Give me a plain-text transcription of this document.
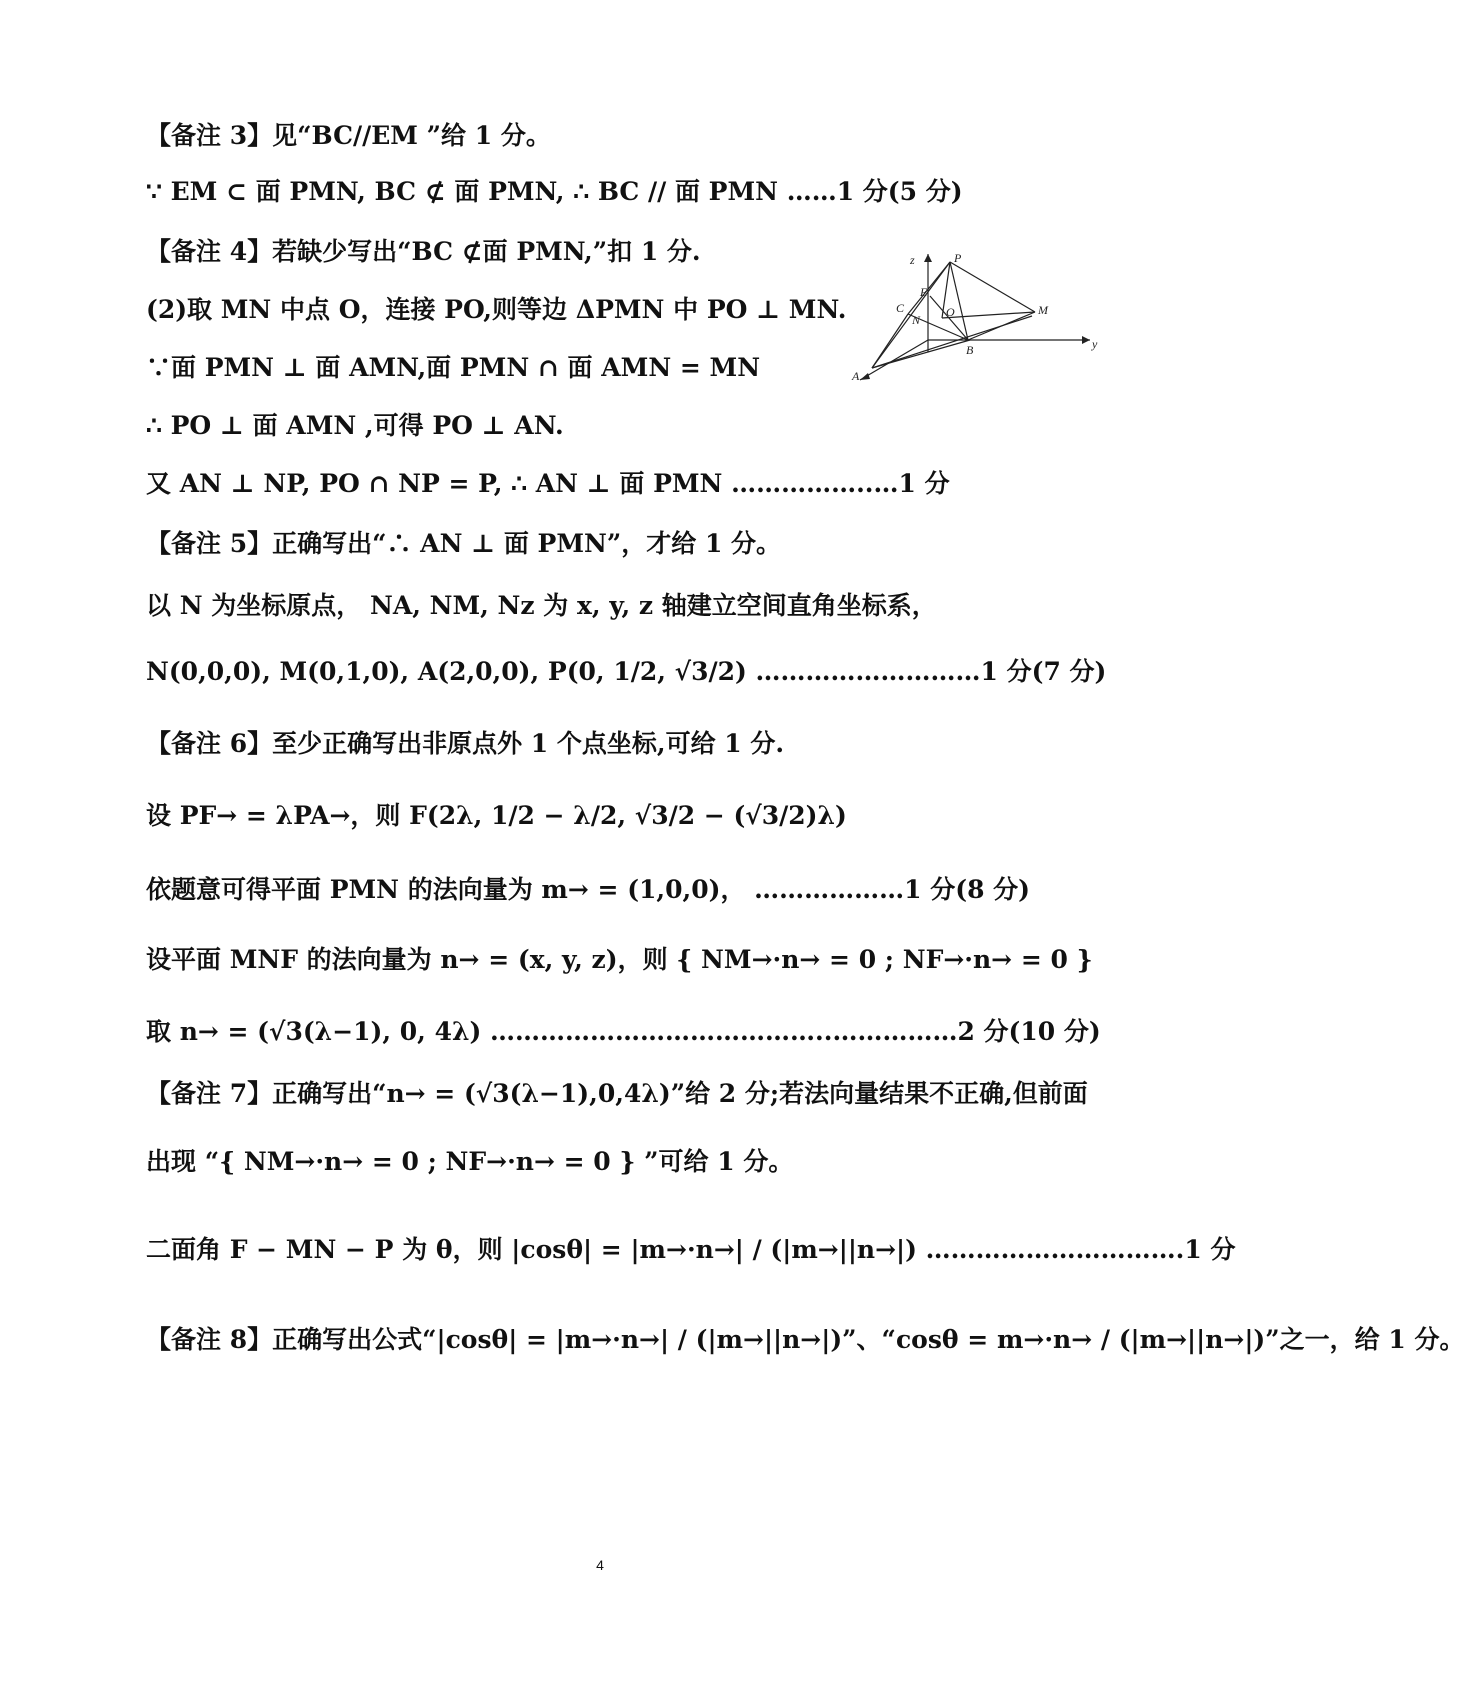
【备注 3】见“BC//EM ”给 1 分。
∵ EM ⊂ 面 PMN, BC ⊄ 面 PMN, ∴ BC // 面 PMN ……1 分(5 分)
【备注 4】若缺少写出“BC ⊄面 PMN,”扣 1 分.
(2)取 MN 中点 O，连接 PO,则等边 ΔPMN 中 PO ⊥ MN.
∵面 PMN ⊥ 面 AMN,面 PMN ∩ 面 AMN = MN
∴ PO ⊥ 面 AMN ,可得 PO ⊥ AN.
又 AN ⊥ NP, PO ∩ NP = P, ∴ AN ⊥ 面 PMN ……………..…1 分
【备注 5】正确写出“∴ AN ⊥ 面 PMN”，才给 1 分。
以 N 为坐标原点， NA, NM, Nz 为 x, y, z 轴建立空间直角坐标系，
N(0,0,0), M(0,1,0), A(2,0,0), P(0, 1/2, √3/2) ………………………1 分(7 分)
【备注 6】至少正确写出非原点外 1 个点坐标,可给 1 分.
设 PF→ = λPA→，则 F(2λ, 1/2 − λ/2, √3/2 − (√3/2)λ)
依题意可得平面 PMN 的法向量为 m→ = (1,0,0)， ………………1 分(8 分)
设平面 MNF 的法向量为 n→ = (x, y, z)，则 { NM→·n→ = 0 ; NF→·n→ = 0 }
取 n→ = (√3(λ−1), 0, 4λ) …………………………………..……………2 分(10 分)
【备注 7】正确写出“n→ = (√3(λ−1),0,4λ)”给 2 分;若法向量结果不正确,但前面
出现 “{ NM→·n→ = 0 ; NF→·n→ = 0 } ”可给 1 分。
二面角 F − MN − P 为 θ，则 |cosθ| = |m→·n→| / (|m→||n→|) ………………………….1 分
【备注 8】正确写出公式“|cosθ| = |m→·n→| / (|m→||n→|)”、“cosθ = m→·n→ / (|m→||n→|)”之一，给 1 分。
z	P
E
C
N
O	M
y
A
B
4
